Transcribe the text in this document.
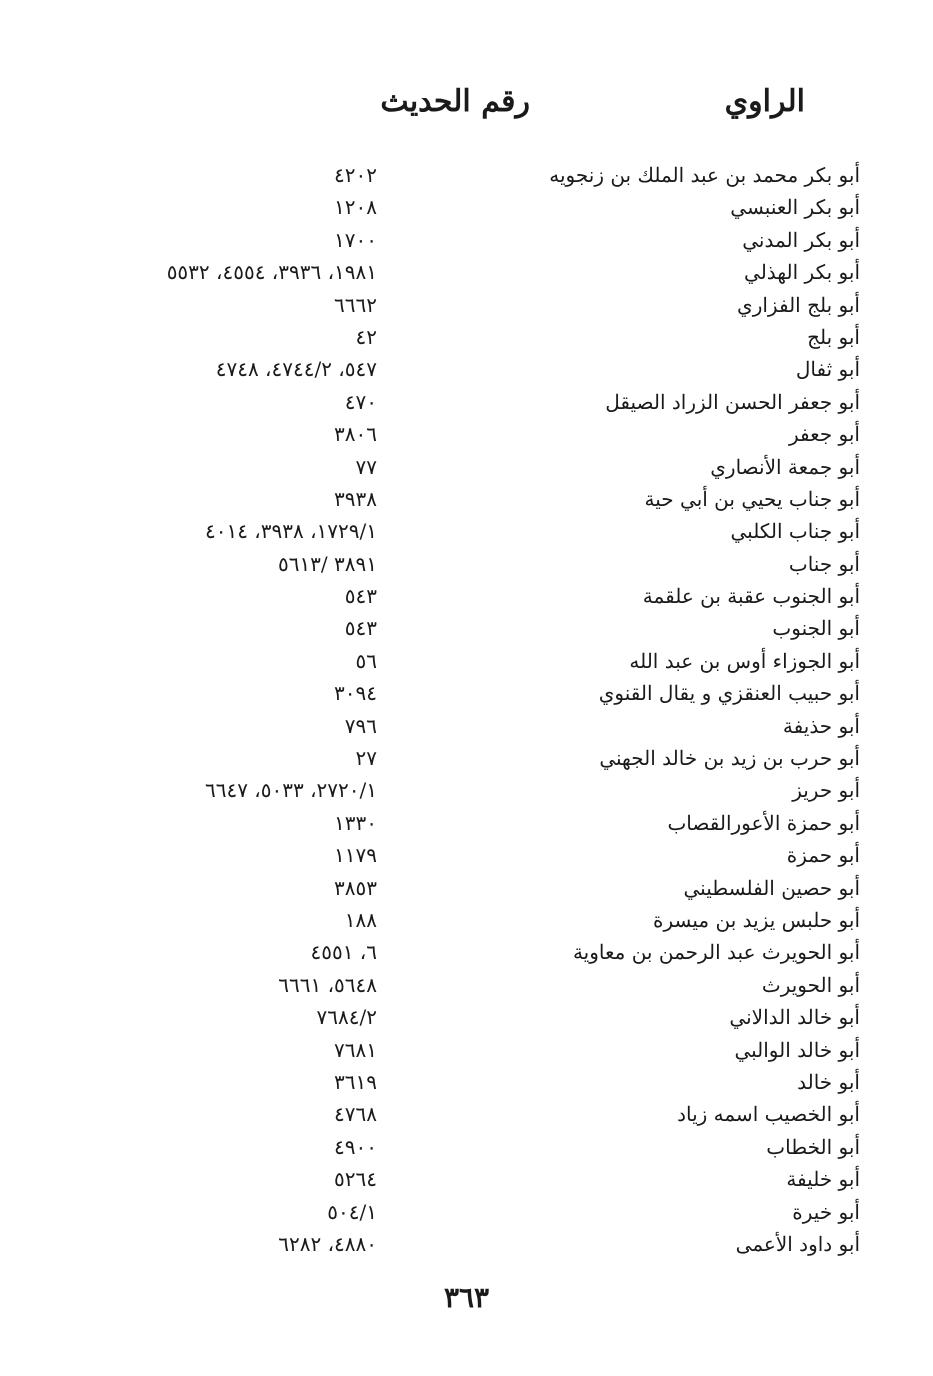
الراوي
رقم الحديث
أبو بكر محمد بن عبد الملك بن زنجويه
٤٢٠٢
أبو بكر العنبسي
١٢٠٨
أبو بكر المدني
١٧٠٠
أبو بكر الهذلي
١٩٨١، ٣٩٣٦، ٤٥٥٤، ٥٥٣٢
أبو بلج الفزاري
٦٦٦٢
أبو بلج
٤٢
أبو ثفال
٥٤٧، ٤٧٤٤/٢، ٤٧٤٨
أبو جعفر الحسن الزراد الصيقل
٤٧٠
أبو جعفر
٣٨٠٦
أبو جمعة الأنصاري
٧٧
أبو جناب يحيي بن أبي حية
٣٩٣٨
أبو جناب الكلبي
١٧٢٩/١، ٣٩٣٨، ٤٠١٤
أبو جناب
٣٨٩١ /٥٦١٣
أبو الجنوب عقبة بن علقمة
٥٤٣
أبو الجنوب
٥٤٣
أبو الجوزاء أوس بن عبد الله
٥٦
أبو حبيب العنقزي و يقال القنوي
٣٠٩٤
أبو حذيفة
٧٩٦
أبو حرب بن زيد بن خالد الجهني
٢٧
أبو حريز
٢٧٢٠/١، ٥٠٣٣، ٦٦٤٧
أبو حمزة الأعورالقصاب
١٣٣٠
أبو حمزة
١١٧٩
أبو حصين الفلسطيني
٣٨٥٣
أبو حلبس يزيد بن ميسرة
١٨٨
أبو الحويرث عبد الرحمن بن معاوية
٦، ٤٥٥١
أبو الحويرث
٥٦٤٨، ٦٦٦١
أبو خالد الدالاني
٧٦٨٤/٢
أبو خالد الوالبي
٧٦٨١
أبو خالد
٣٦١٩
أبو الخصيب اسمه زياد
٤٧٦٨
أبو الخطاب
٤٩٠٠
أبو خليفة
٥٢٦٤
أبو خيرة
٥٠٤/١
أبو داود الأعمى
٤٨٨٠، ٦٢٨٢
٣٦٣
